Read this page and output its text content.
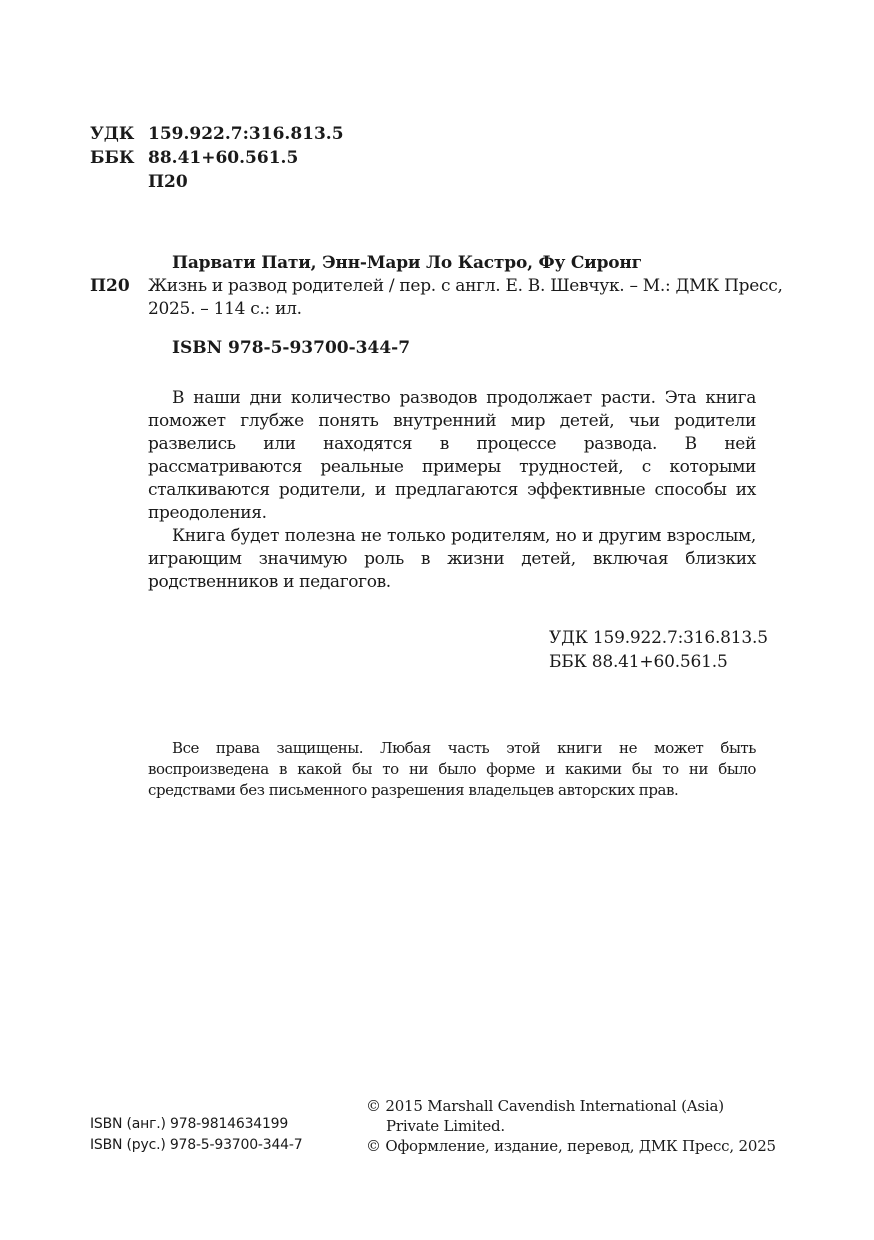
УДК 159.922.7:316.813.5
ББК 88.41+60.561.5
П20
Парвати Пати, Энн-Мари Ло Кастро, Фу Сиронг
П20 Жизнь и развод родителей / пер. с англ. Е. В. Шевчук. – М.: ДМК Пресс,
2025. – 114 с.: ил.
ISBN 978-5-93700-344-7

В наши дни количество разводов продолжает расти. Эта книга поможет глубже понять внутренний мир детей, чьи родители развелись или находятся в процессе развода. В ней рассматриваются реальные примеры трудностей, с которыми сталкиваются родители, и предлагаются эффективные способы их преодоления.

Книга будет полезна не только родителям, но и другим взрослым, играющим значимую роль в жизни детей, включая близких родственников и педагогов.

УДК 159.922.7:316.813.5
ББК 88.41+60.561.5

Все права защищены. Любая часть этой книги не может быть воспроизведена в какой бы то ни было форме и какими бы то ни было средствами без письменного разрешения владельцев авторских прав.

ISBN (анг.) 978-9814634199
ISBN (рус.) 978-5-93700-344-7
© 2015 Marshall Cavendish International (Asia)
Private Limited.
© Оформление, издание, перевод, ДМК Пресс, 2025
